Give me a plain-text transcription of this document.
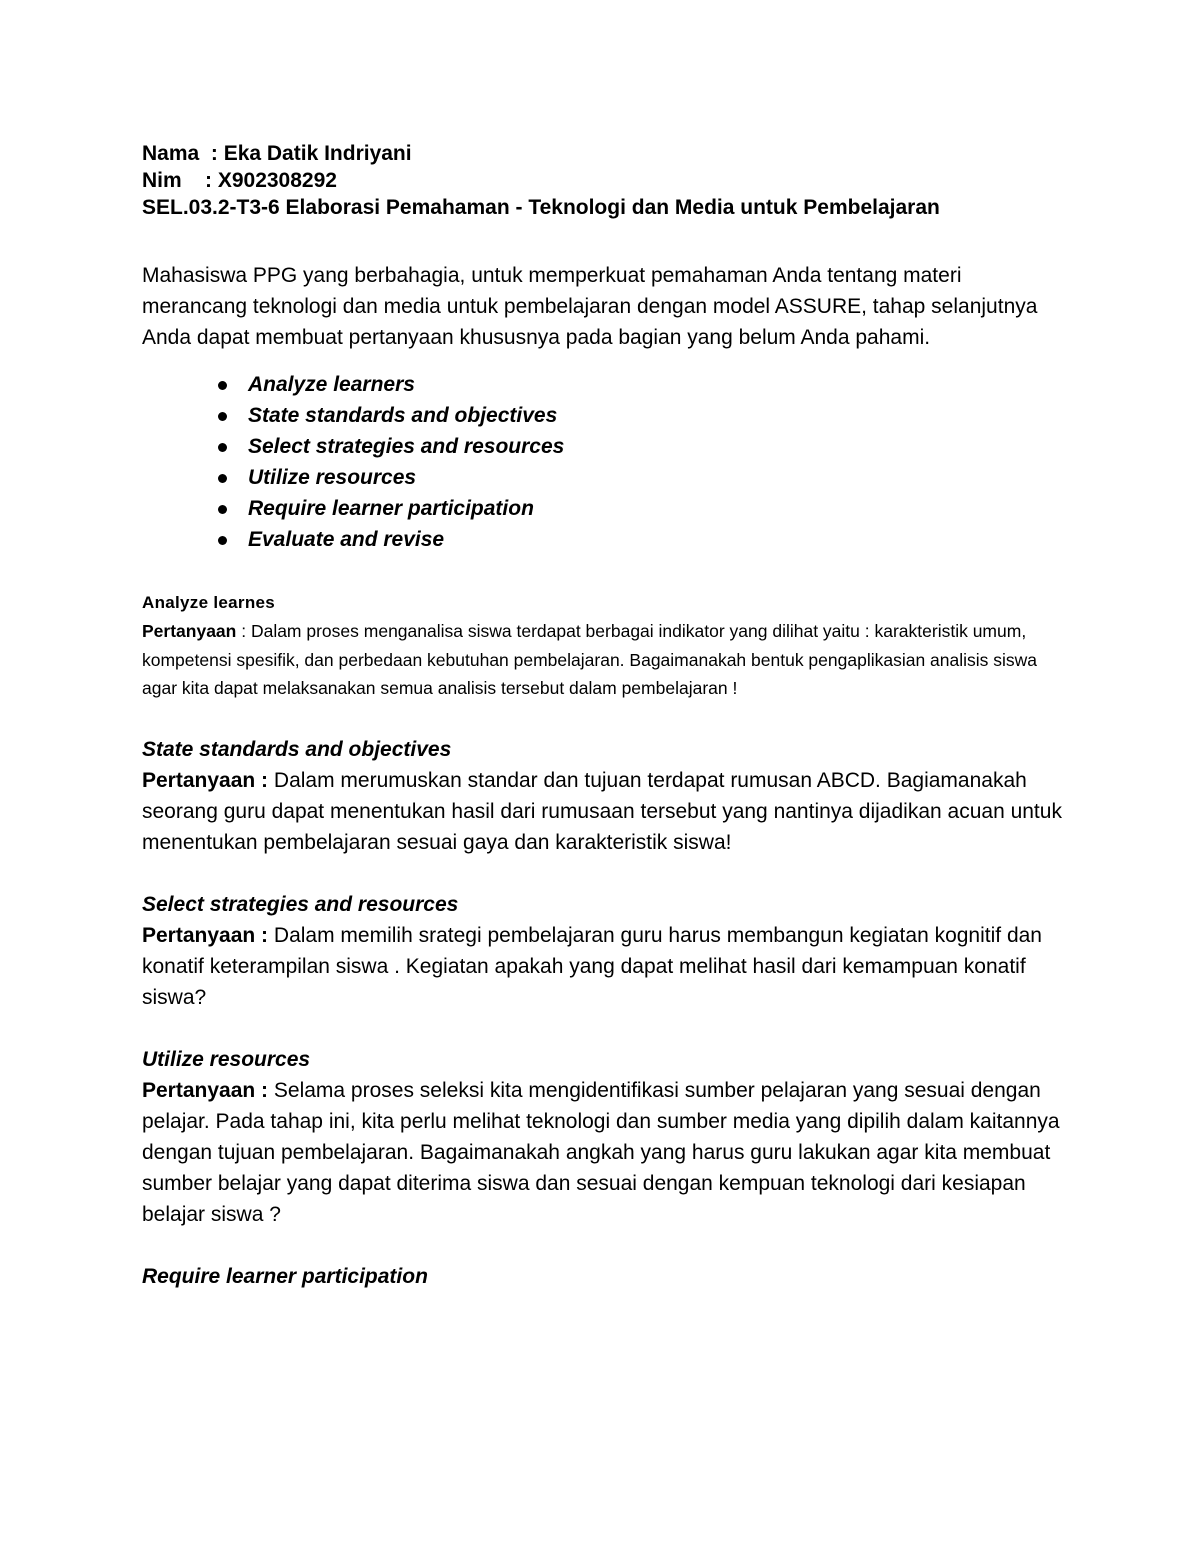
Nama  : Eka Datik Indriyani
Nim    : X902308292
SEL.03.2-T3-6 Elaborasi Pemahaman - Teknologi dan Media untuk Pembelajaran
Mahasiswa PPG yang berbahagia, untuk memperkuat pemahaman Anda tentang materi merancang teknologi dan media untuk pembelajaran dengan model ASSURE, tahap selanjutnya Anda dapat membuat pertanyaan khususnya pada bagian yang belum Anda pahami.
Analyze learners
State standards and objectives
Select strategies and resources
Utilize resources
Require learner participation
Evaluate and revise
Analyze learnes
Pertanyaan : Dalam proses menganalisa siswa terdapat berbagai indikator yang dilihat yaitu : karakteristik umum, kompetensi spesifik, dan perbedaan kebutuhan pembelajaran. Bagaimanakah bentuk pengaplikasian analisis siswa agar kita dapat melaksanakan semua analisis tersebut dalam pembelajaran !
State standards and objectives
Pertanyaan : Dalam merumuskan standar dan tujuan terdapat rumusan ABCD. Bagiamanakah seorang guru dapat menentukan hasil dari rumusaan tersebut yang nantinya dijadikan acuan untuk menentukan pembelajaran sesuai gaya dan karakteristik siswa!
Select strategies and resources
Pertanyaan : Dalam memilih srategi pembelajaran guru harus membangun kegiatan kognitif dan konatif keterampilan siswa . Kegiatan apakah yang dapat melihat hasil dari kemampuan konatif siswa?
Utilize resources
Pertanyaan : Selama proses seleksi kita mengidentifikasi sumber pelajaran yang sesuai dengan pelajar. Pada tahap ini, kita perlu melihat teknologi dan sumber media yang dipilih dalam kaitannya dengan tujuan pembelajaran. Bagaimanakah angkah yang harus guru lakukan agar kita membuat sumber belajar yang dapat diterima siswa dan sesuai dengan kempuan teknologi dari kesiapan belajar siswa ?
Require learner participation
